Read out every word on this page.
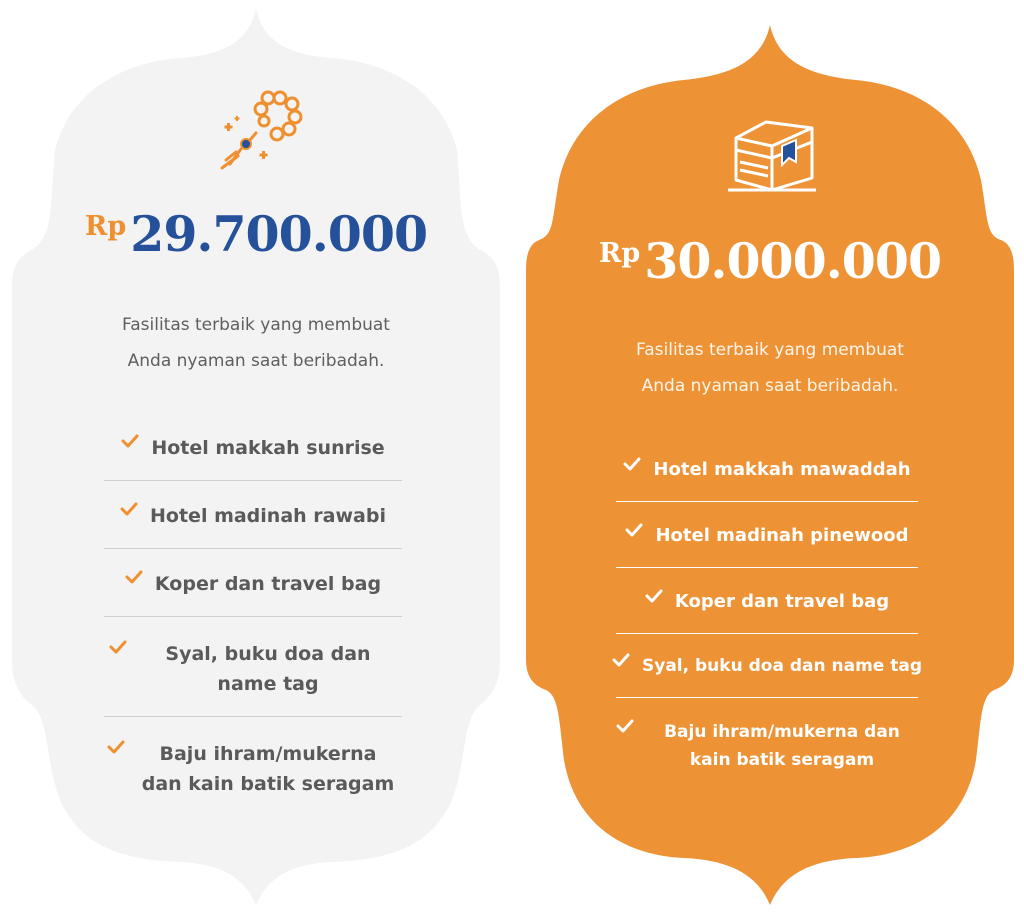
Rp29.700.000
Fasilitas terbaik yang membuat
Anda nyaman saat beribadah.
Hotel makkah sunrise
Hotel madinah rawabi
Koper dan travel bag
Syal, buku doa dan name tag
Baju ihram/mukerna dan kain batik seragam
Rp30.000.000
Fasilitas terbaik yang membuat
Anda nyaman saat beribadah.
Hotel makkah mawaddah
Hotel madinah pinewood
Koper dan travel bag
Syal, buku doa dan name tag
Baju ihram/mukerna dan kain batik seragam
